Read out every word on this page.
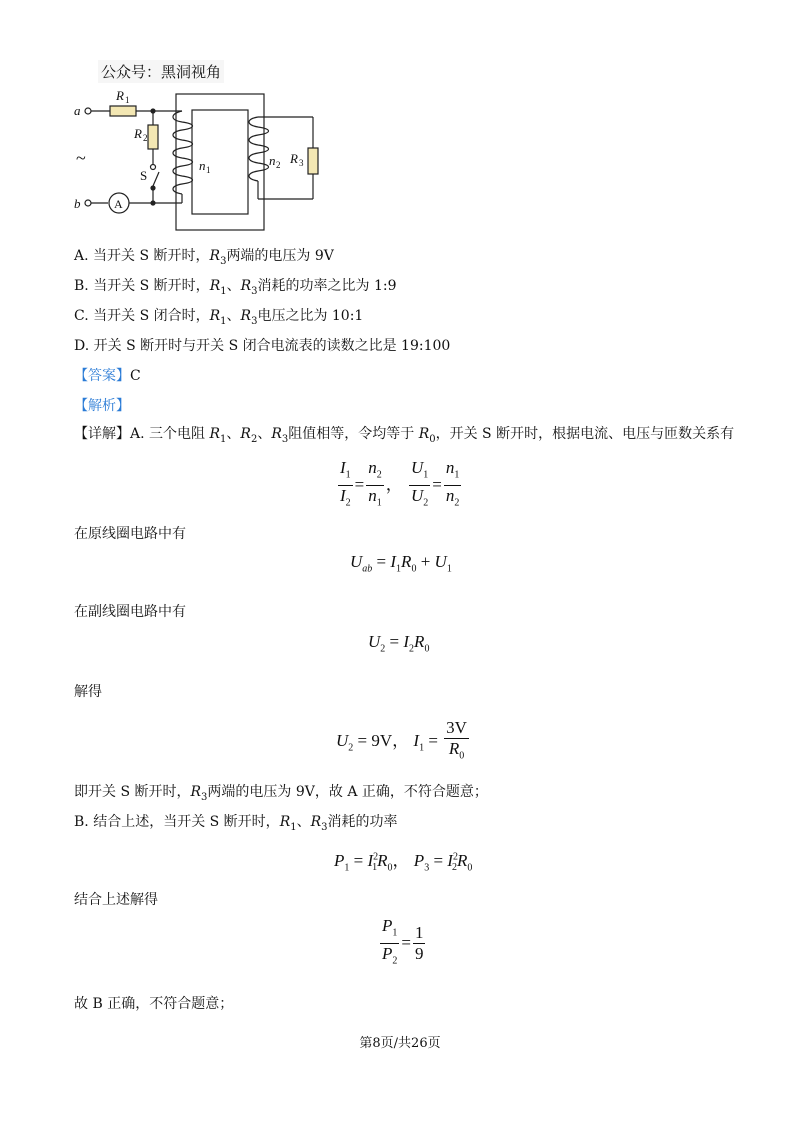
公众号：黑洞视角
a
b
~
R 1
R 2
S
A
n 1
n 2 R 3
A. 当开关 S 断开时，$R_3$两端的电压为 9V
B. 当开关 S 断开时，$R_1$、$R_3$消耗的功率之比为 1:9
C. 当开关 S 闭合时，$R_1$、$R_3$电压之比为 10:1
D. 开关 S 断开时与开关 S 闭合电流表的读数之比是 19:100
【答案】C
【解析】
【详解】A. 三个电阻 $R_1$、$R_2$、$R_3$阻值相等，令均等于 $R_0$，开关 S 断开时，根据电流、电压与匝数关系有
$\frac{I_1}{I_2} = \frac{n_2}{n_1}$ ， $\frac{U_1}{U_2} = \frac{n_1}{n_2}$
在原线圈电路中有
$U_{ab} = I_1R_0 + U_1$
在副线圈电路中有
$U_2 = I_2R_0$
解得
$U_2 = 9V$， $I_1 = \frac{3V}{R_0}$
即开关 S 断开时，$R_3$两端的电压为 9V，故 A 正确，不符合题意；
B. 结合上述，当开关 S 断开时，$R_1$、$R_3$消耗的功率
$P_1 = I^2_1R_0$， $P_3 = I^2_2R_0$
结合上述解得
$\frac{P_1}{P_2} = \frac{1}{9}$
故 B 正确，不符合题意；
第8页/共26页
